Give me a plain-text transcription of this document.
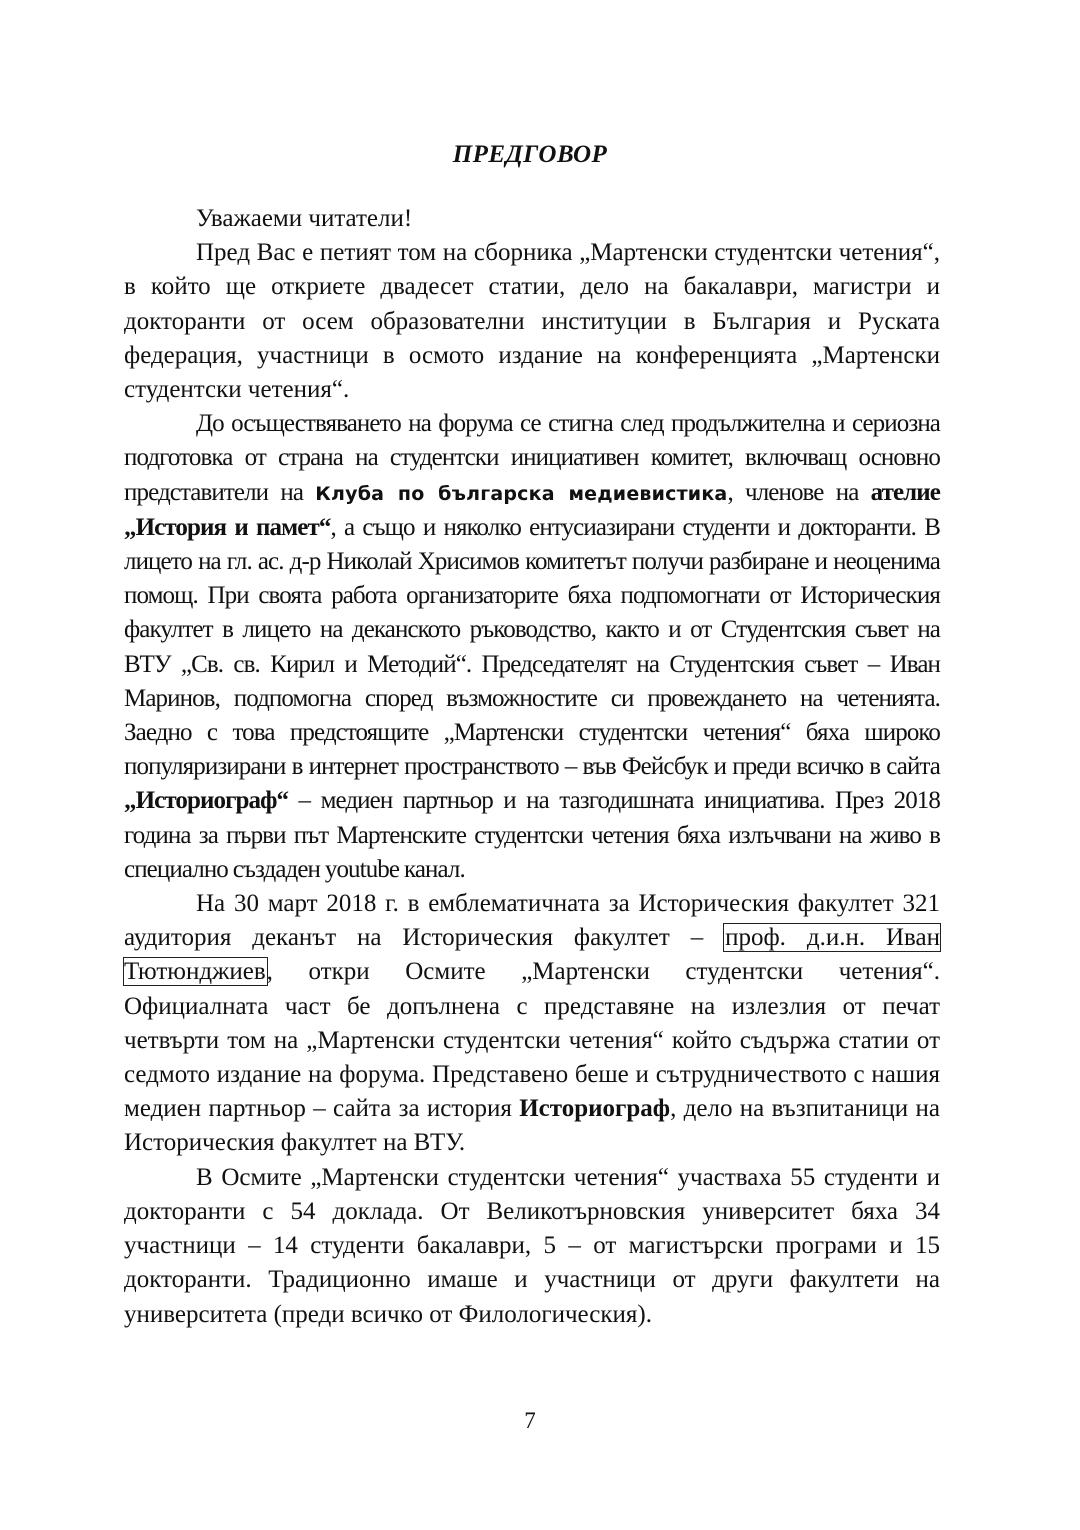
ПРЕДГОВОР

Уважаеми читатели!

Пред Вас е петият том на сборника „Мартенски студентски четения“, в който ще откриете двадесет статии, дело на бакалаври, магистри и докторанти от осем образователни институции в България и Руската федерация, участници в осмото издание на конференцията „Мартенски студентски четения“.

До осъществяването на форума се стигна след продължителна и сериозна подготовка от страна на студентски инициативен комитет, включващ основно представители на Клуба по българска медиевистика, членове на ателие „История и памет“, а също и няколко ентусиазирани студенти и докторанти. В лицето на гл. ас. д-р Николай Хрисимов комитетът получи разбиране и неоценима помощ. При своята работа организаторите бяха подпомогнати от Историческия факултет в лицето на деканското ръководство, както и от Студентския съвет на ВТУ „Св. св. Кирил и Методий“. Председателят на Студентския съвет – Иван Маринов, подпомогна според възможностите си провеждането на четенията. Заедно с това предстоящите „Мартенски студентски четения“ бяха широко популяризирани в интернет пространството – във Фейсбук и преди всичко в сайта „Историограф“ – медиен партньор и на тазгодишната инициатива. През 2018 година за първи път Мартенските студентски четения бяха излъчвани на живо в специално създаден youtube канал.

На 30 март 2018 г. в емблематичната за Историческия факултет 321 аудитория деканът на Историческия факултет – проф. д.и.н. Иван Тютюнджиев, откри Осмите „Мартенски студентски четения“. Официалната част бе допълнена с представяне на излезлия от печат четвърти том на „Мартенски студентски четения“ който съдържа статии от седмото издание на форума. Представено беше и сътрудничеството с нашия медиен партньор – сайта за история Историограф, дело на възпитаници на Историческия факултет на ВТУ.

В Осмите „Мартенски студентски четения“ участваха 55 студенти и докторанти с 54 доклада. От Великотърновския университет бяха 34 участници – 14 студенти бакалаври, 5 – от магистърски програми и 15 докторанти. Традиционно имаше и участници от други факултети на университета (преди всичко от Филологическия).

7
